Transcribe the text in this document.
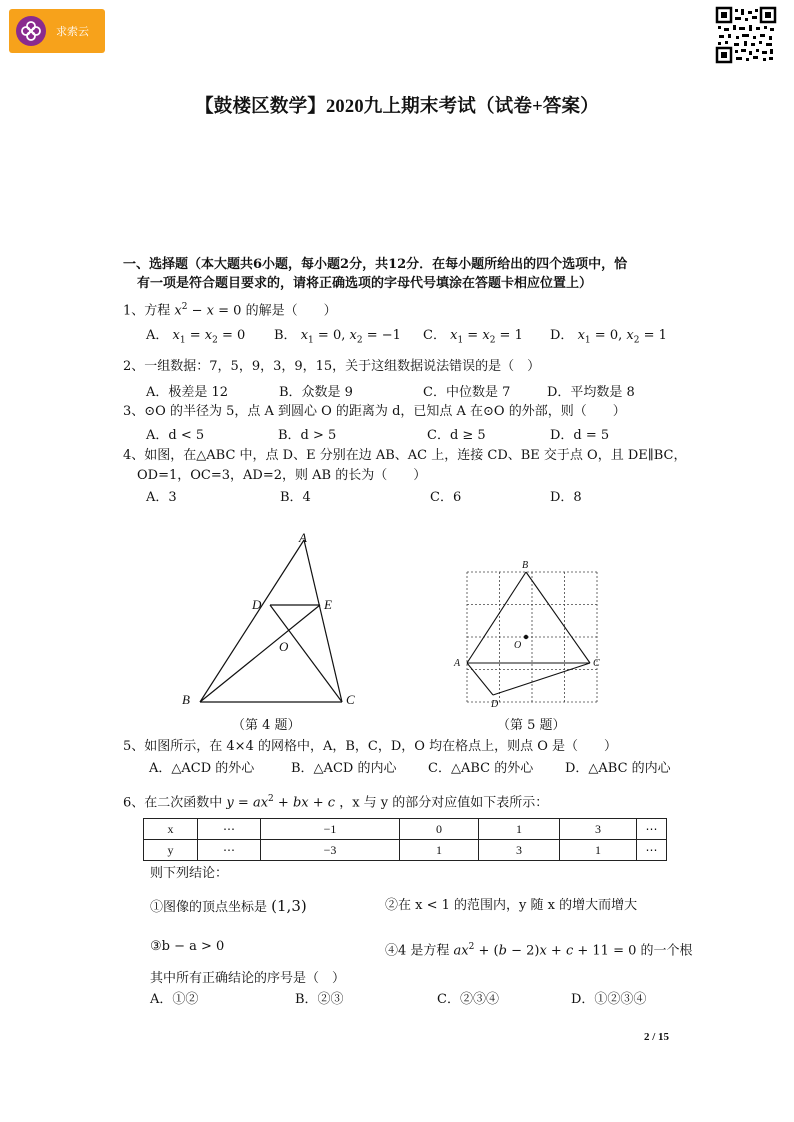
求索云
【鼓楼区数学】2020九上期末考试（试卷+答案）
一、选择题（本大题共6小题，每小题2分，共12分．在每小题所给出的四个选项中，恰
有一项是符合题目要求的，请将正确选项的字母代号填涂在答题卡相应位置上）
1、方程 $x^2 - x = 0$ 的解是（　　）
A． $x_1 = x_2 = 0$ B． $x_1 = 0$, $x_2 = -1$ C． $x_1 = x_2 = 1$ D． $x_1 = 0$, $x_2 = 1$
2、一组数据：7，5，9，3，9，15，关于这组数据说法错误的是（　）
A．极差是 12	B．众数是 9	C．中位数是 7	D．平均数是 8
3、⊙O 的半径为 5，点 A 到圆心 O 的距离为 d，已知点 A 在⊙O 的外部，则（　　）
A．d < 5	B．d > 5	C．d ≥ 5	D．d = 5
4、如图，在△ABC 中，点 D、E 分别在边 AB、AC 上，连接 CD、BE 交于点 O，且 DE∥BC，
OD=1，OC=3，AD=2，则 AB 的长为（　　）
A．3	B．4	C．6	D．8
A
D	E
O
B	C
（第 4 题）
B
O
A	C
D
（第 5 题）
5、如图所示，在 4×4 的网格中，A，B，C，D，O 均在格点上，则点 O 是（　　）
A．△ACD 的外心	B．△ACD 的内心 C．△ABC 的外心 D．△ABC 的内心
6、在二次函数中 $y = ax^2$ + bx + c ，x 与 y 的部分对应值如下表所示：
x	⋯	−1	0	1	3	⋯
y	⋯	−3	1	3	1	⋯
则下列结论：
①图像的顶点坐标是 (1,3)	②在 x < 1 的范围内，y 随 x 的增大而增大
③b − a > 0	④4 是方程 $ax^2 + (b - 2)x + c + 11 = 0$ 的一个根
其中所有正确结论的序号是（　）
A．①②	B．②③	C．②③④	D．①②③④
2 / 15
